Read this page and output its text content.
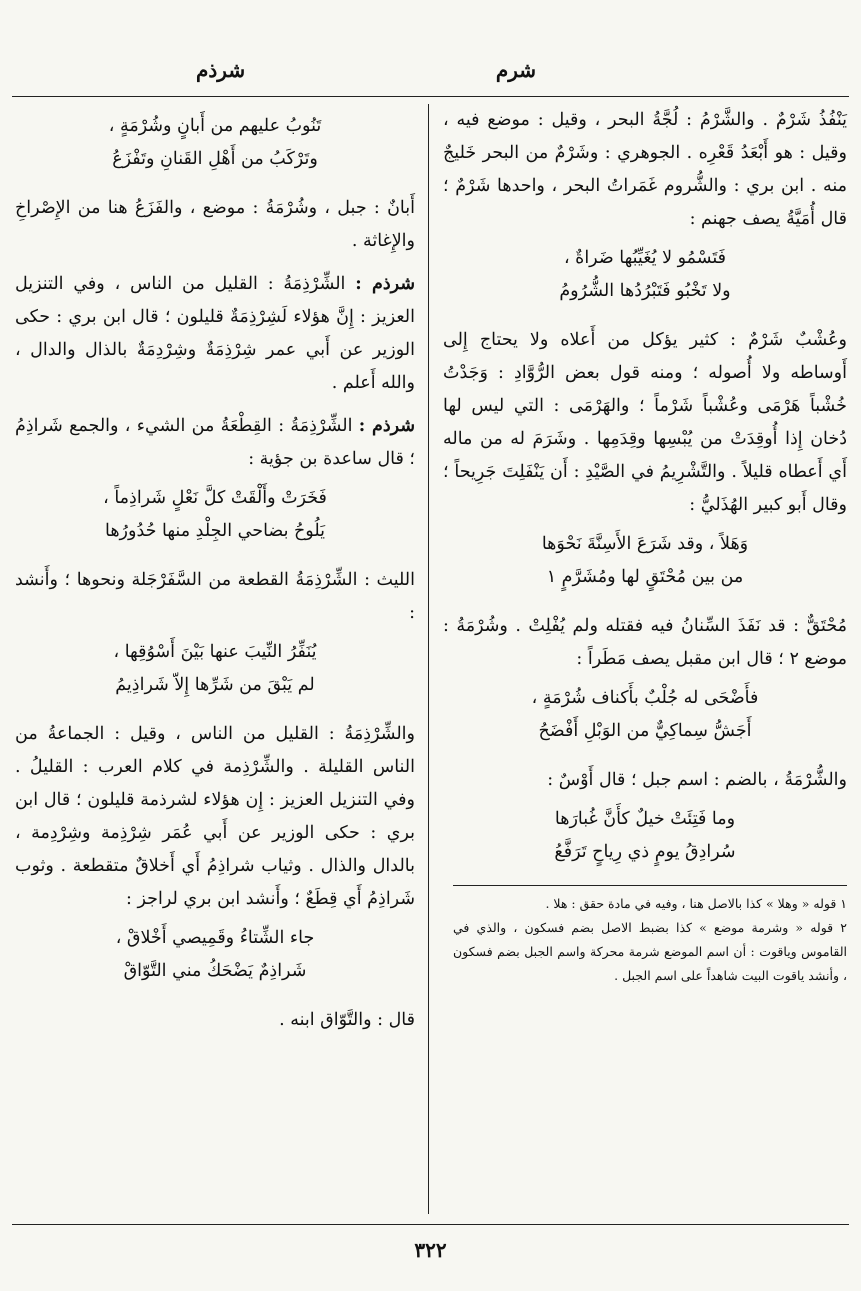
شرم
شرذم

يَنْفُذُ شَرْمٌ . والشَّرْمُ : لُجَّةُ البحر ، وقيل : موضع فيه ، وقيل : هو أَبْعَدُ قَعْرِه . الجوهري : وشَرْمٌ من البحر خَليجٌ منه . ابن بري : والشُّروم غَمَراتُ البحر ، واحدها شَرْمٌ ؛ قال أُمَيَّةُ يصف جهنم :

فَتَسْمُو لا يُغَيِّبُها ضَراةٌ ،
ولا تَخْبُو فَتَبْرُدُها الشُّرُومُ

وعُشْبٌ شَرْمٌ : كثير يؤكل من أَعلاه ولا يحتاج إِلى أَوساطه ولا أُصوله ؛ ومنه قول بعض الرُّوَّادِ : وَجَدْتُ خُشْباً هَرْمَى وعُشْباً شَرْماً ؛ والهَرْمَى : التي ليس لها دُخان إِذا أُوقِدَتْ من يُبْسِها وقِدَمِها . وشَرَمَ له من ماله أَي أَعطاه قليلاً . والتَّشْرِيمُ في الصَّيْدِ : أَن يَنْفَلِتَ جَرِيحاً ؛ وقال أَبو كبير الهُذَليُّ :

وَهَلاً ، وقد شَرَعَ الأَسِنَّةَ نَحْوَها
من بين مُحْتَقٍ لها ومُشَرَّمٍ ١

مُحْتَقٌّ : قد نَفَذَ السِّنانُ فيه فقتله ولم يُفْلِتْ . وشُرْمَةُ : موضع ٢ ؛ قال ابن مقبل يصف مَطَراً :

فأَضْحَى له جُلْبٌ بأَكناف شُرْمَةٍ ،
أَجَشُّ سِماكِيٌّ من الوَبْلِ أَفْضَحُ

والشُّرْمَةُ ، بالضم : اسم جبل ؛ قال أَوْسٌ :

وما فَتِئَتْ خيلٌ كأَنَّ غُبارَها
سُرادِقُ يومٍ ذي رِياحٍ تَرَفَّعُ

١ قوله « وهلا » كذا بالاصل هنا ، وفيه في مادة حقق : هلا .

٢ قوله « وشرمة موضع » كذا بضبط الاصل بضم فسكون ، والذي في القاموس وياقوت : أن اسم الموضع شرمة محركة واسم الجبل بضم فسكون ، وأنشد ياقوت البيت شاهداً على اسم الجبل .

تَنُوبُ عليهم من أَبانٍ وشُرْمَةٍ ،
وتَرْكَبُ من أَهْلِ القَنانِ وتَفْزَعُ

أَبانٌ : جبل ، وشُرْمَةُ : موضع ، والفَزَعُ هنا من الإِصْراخِ والإِغاثة .

شرذم : الشِّرْذِمَةُ : القليل من الناس ، وفي التنزيل العزيز : إِنَّ هؤلاء لَشِرْذِمَةٌ قليلون ؛ قال ابن بري : حكى الوزير عن أَبي عمر شِرْذِمَةٌ وشِرْدِمَةٌ بالذال والدال ، والله أَعلم .

شرذم : الشِّرْذِمَةُ : القِطْعَةُ من الشيء ، والجمع شَراذِمُ ؛ قال ساعدة بن جؤية :

فَخَرَتْ وأَلْقَتْ كلَّ نَعْلٍ شَراذِماً ،
يَلُوحُ بضاحي الجِلْدِ منها حُدُورُها

الليث : الشِّرْذِمَةُ القطعة من السَّفَرْجَلة ونحوها ؛ وأَنشد :

يُنَفِّرُ النِّيبَ عنها بَيْنَ أَسْوُقِها ،
لم يَبْقَ من شَرِّها إِلاّ شَراذِيمُ

والشِّرْذِمَةُ : القليل من الناس ، وقيل : الجماعةُ من الناس القليلة . والشِّرْذِمة في كلام العرب : القليلُ . وفي التنزيل العزيز : إِن هؤلاء لشرذمة قليلون ؛ قال ابن بري : حكى الوزير عن أَبي عُمَر شِرْذِمة وشِرْدِمة ، بالدال والذال . وثياب شراذِمُ أَي أَخلاقٌ متقطعة . وثوب شَراذِمُ أَي قِطَعٌ ؛ وأَنشد ابن بري لراجز :

جاء الشِّتاءُ وقَمِيصي أَخْلاقْ ،
شَراذِمٌ يَضْحَكُ مني التَّوّاقْ

قال : والتَّوّاق ابنه .

٣٢٢
